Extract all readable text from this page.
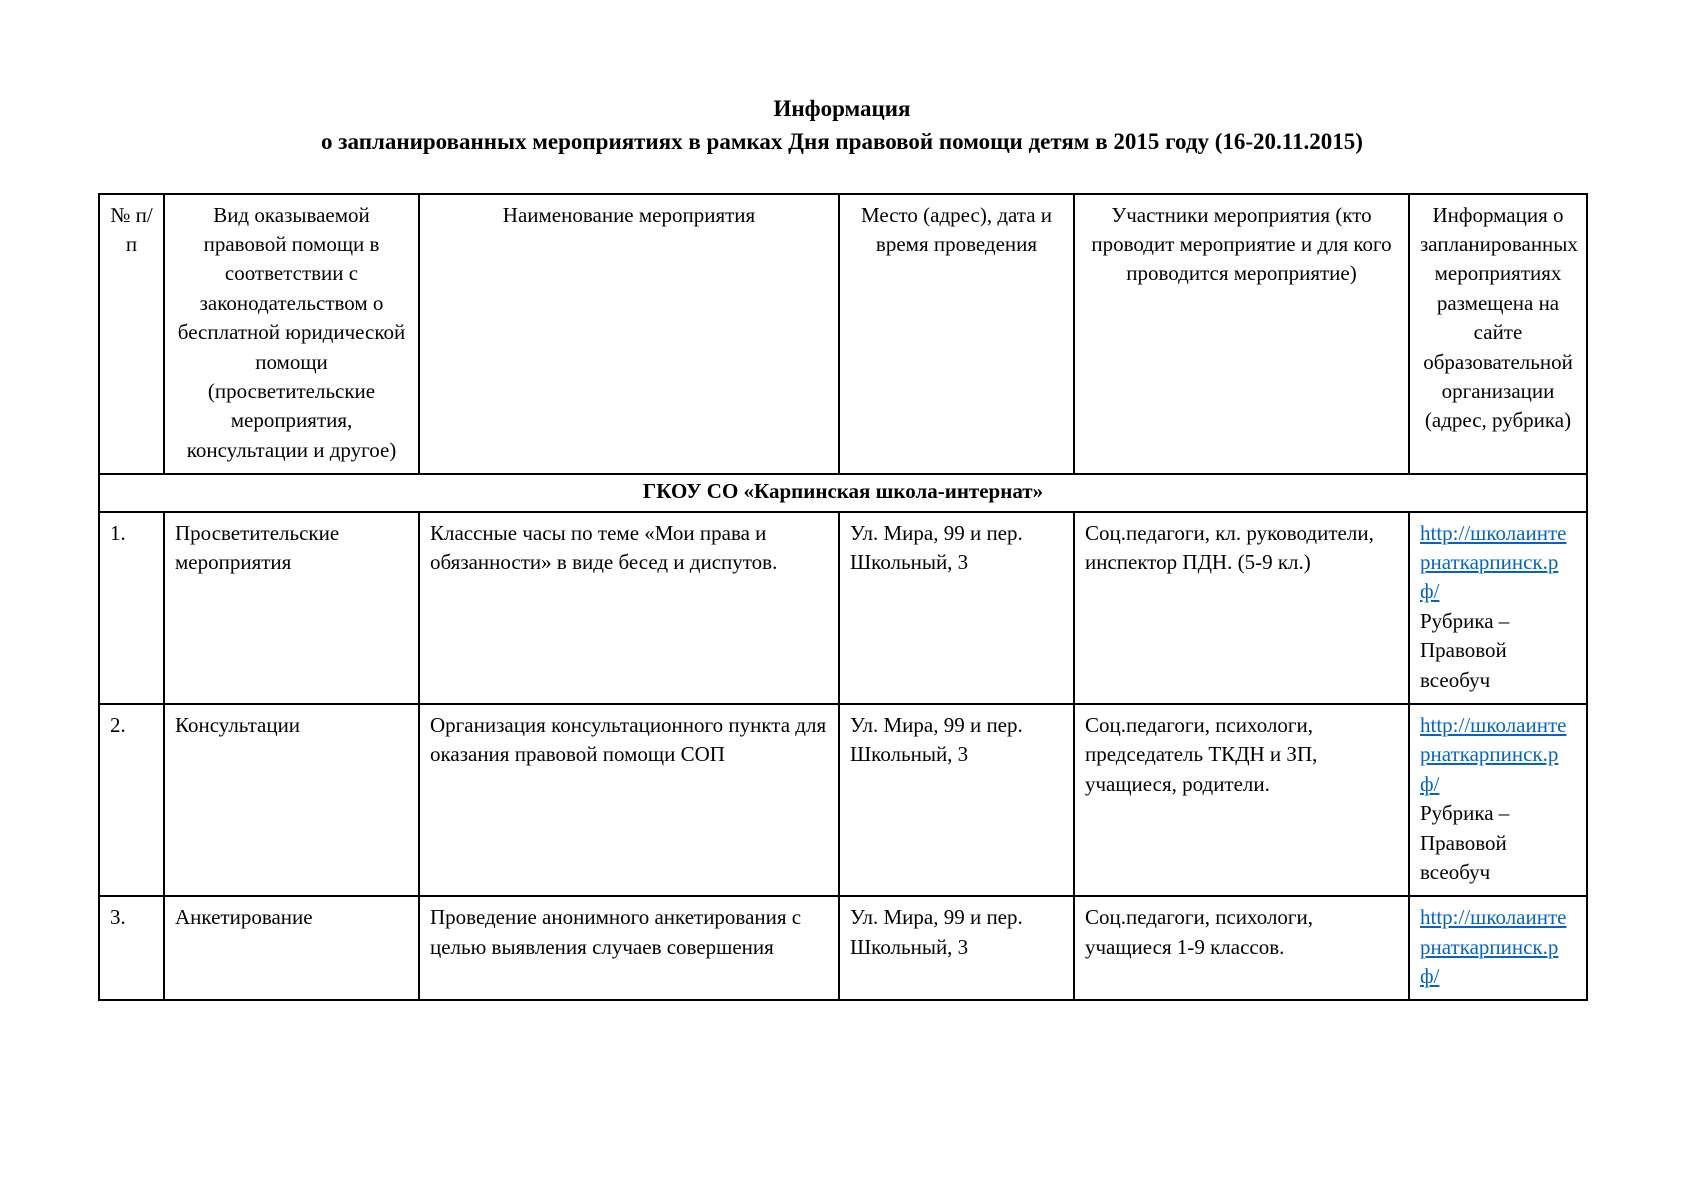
Информация
о запланированных мероприятиях в рамках Дня правовой помощи детям в 2015 году (16-20.11.2015)
№ п/п	Вид оказываемой правовой помощи в соответствии с законодательством о бесплатной юридической помощи (просветительские мероприятия, консультации и другое)	Наименование мероприятия	Место (адрес), дата и время проведения	Участники мероприятия (кто проводит мероприятие и для кого проводится мероприятие)	Информация о запланированных мероприятиях размещена на сайте образовательной организации (адрес, рубрика)
ГКОУ СО «Карпинская школа-интернат»					
1.	Просветительские мероприятия	Классные часы по теме «Мои права и обязанности» в виде бесед и диспутов.	Ул. Мира, 99 и пер. Школьный, 3	Соц.педагоги, кл. руководители, инспектор ПДН. (5-9 кл.)	http://школаинтернаткарпинск.рф/
Рубрика – Правовой всеобуч

2.	Консультации	Организация консультационного пункта для оказания правовой помощи СОП	Ул. Мира, 99 и пер. Школьный, 3	Соц.педагоги, психологи, председатель ТКДН и ЗП, учащиеся, родители.	http://школаинтернаткарпинск.рф/
Рубрика – Правовой всеобуч

3.	Анкетирование	Проведение анонимного анкетирования с целью выявления случаев совершения	Ул. Мира, 99 и пер. Школьный, 3	Соц.педагоги, психологи, учащиеся 1-9 классов.	http://школаинтернаткарпинск.рф/
